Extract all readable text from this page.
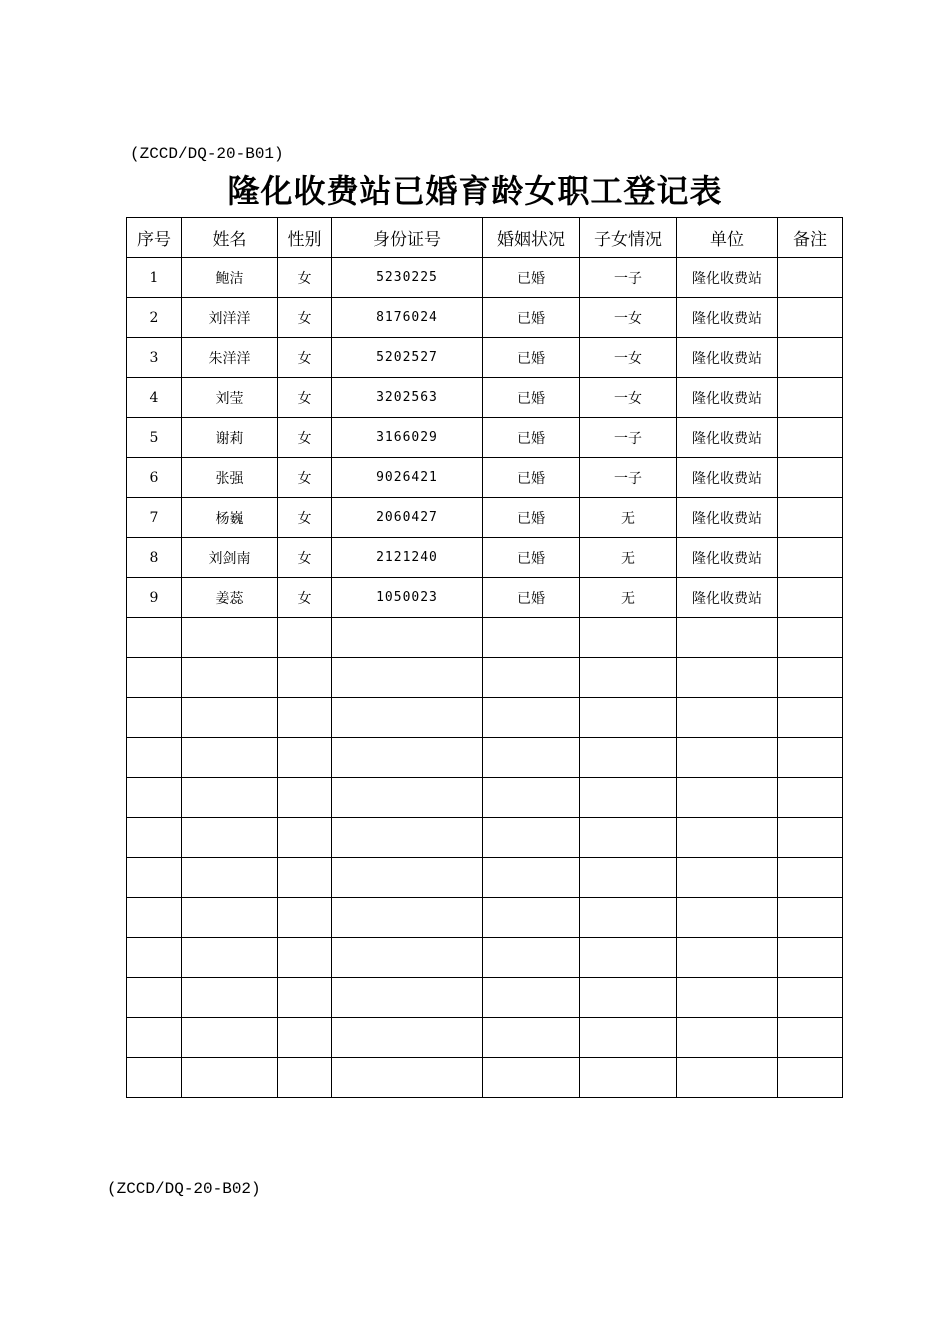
(ZCCD/DQ-20-B01)
隆化收费站已婚育龄女职工登记表
序号	姓名	性别	身份证号	婚姻状况	子女情况	单位	备注
1	鲍洁	女	5230225	已婚	一子	隆化收费站	
2	刘洋洋	女	8176024	已婚	一女	隆化收费站	
3	朱洋洋	女	5202527	已婚	一女	隆化收费站	
4	刘莹	女	3202563	已婚	一女	隆化收费站	
5	谢莉	女	3166029	已婚	一子	隆化收费站	
6	张强	女	9026421	已婚	一子	隆化收费站	
7	杨巍	女	2060427	已婚	无	隆化收费站	
8	刘剑南	女	2121240	已婚	无	隆化收费站	
9	姜蕊	女	1050023	已婚	无	隆化收费站	

(ZCCD/DQ-20-B02)
